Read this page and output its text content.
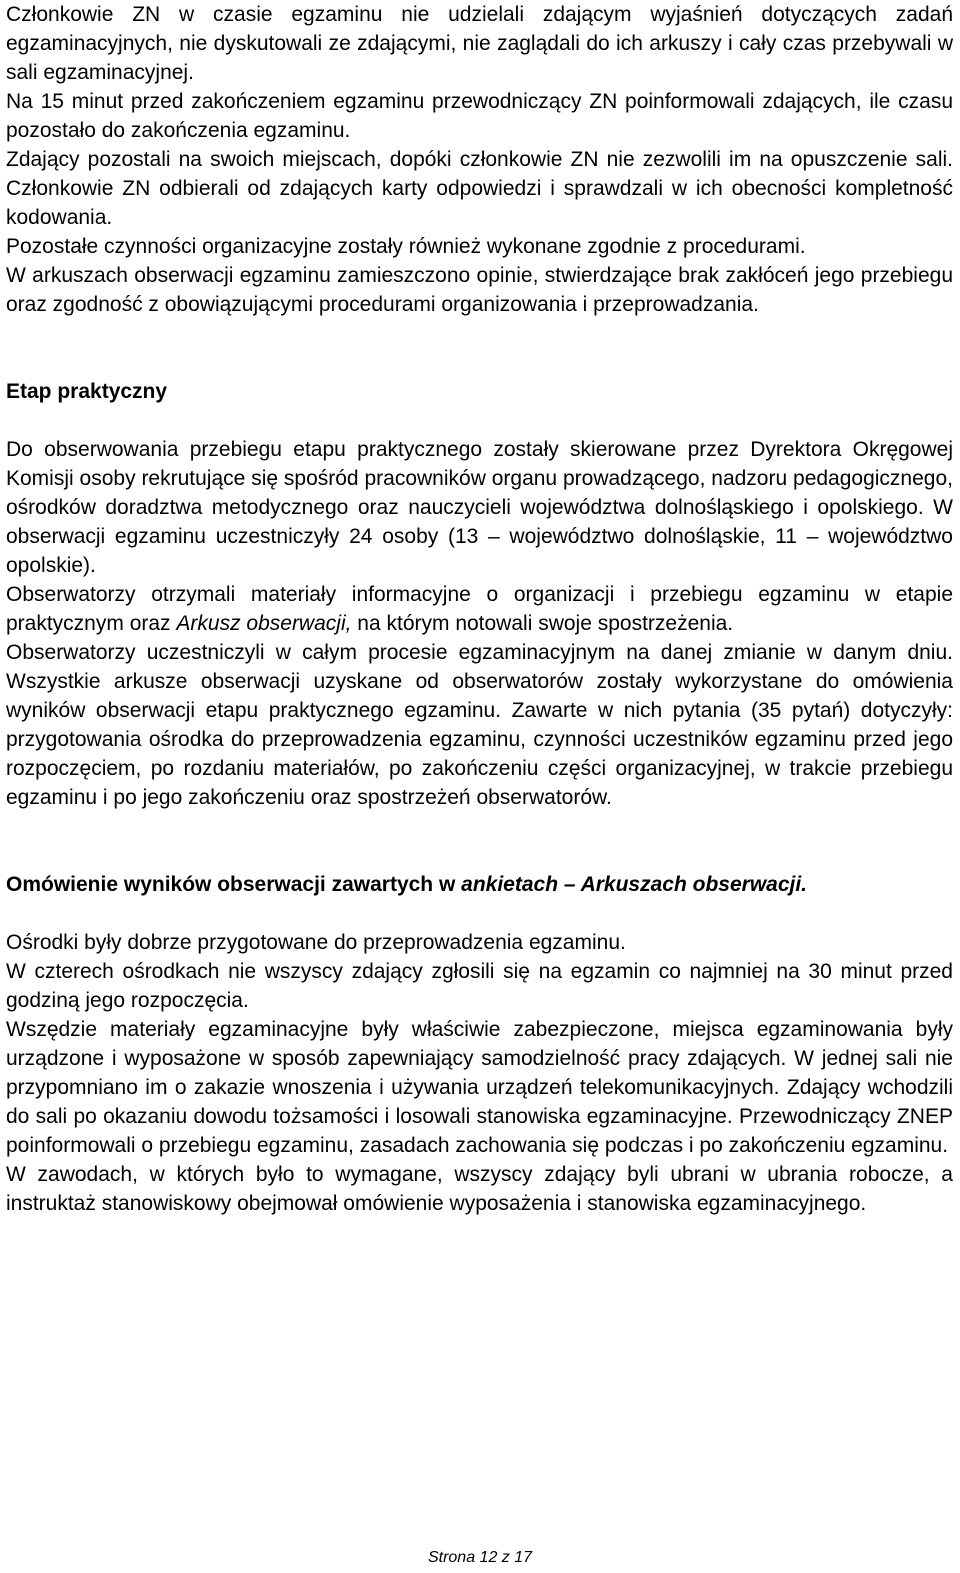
Członkowie ZN w czasie egzaminu nie udzielali zdającym wyjaśnień dotyczących zadań egzaminacyjnych, nie dyskutowali ze zdającymi, nie zaglądali do ich arkuszy i cały czas przebywali w sali egzaminacyjnej.

Na 15 minut przed zakończeniem egzaminu przewodniczący ZN poinformowali zdających, ile czasu pozostało do zakończenia egzaminu.

Zdający pozostali na swoich miejscach, dopóki członkowie ZN nie zezwolili im na opuszczenie sali. Członkowie ZN odbierali od zdających karty odpowiedzi i sprawdzali w ich obecności kompletność kodowania.

Pozostałe czynności organizacyjne zostały również wykonane zgodnie z procedurami.

W arkuszach obserwacji egzaminu zamieszczono opinie, stwierdzające brak zakłóceń jego przebiegu oraz zgodność z obowiązującymi procedurami organizowania i przeprowadzania.

Etap praktyczny

Do obserwowania przebiegu etapu praktycznego zostały skierowane przez Dyrektora Okręgowej Komisji osoby rekrutujące się spośród pracowników organu prowadzącego, nadzoru pedagogicznego, ośrodków doradztwa metodycznego oraz nauczycieli województwa dolnośląskiego i opolskiego. W obserwacji egzaminu uczestniczyły 24 osoby (13 – województwo dolnośląskie, 11 – województwo opolskie).

Obserwatorzy otrzymali materiały informacyjne o organizacji i przebiegu egzaminu w etapie praktycznym oraz Arkusz obserwacji, na którym notowali swoje spostrzeżenia.

Obserwatorzy uczestniczyli w całym procesie egzaminacyjnym na danej zmianie w danym dniu. Wszystkie arkusze obserwacji uzyskane od obserwatorów zostały wykorzystane do omówienia wyników obserwacji etapu praktycznego egzaminu. Zawarte w nich pytania (35 pytań) dotyczyły: przygotowania ośrodka do przeprowadzenia egzaminu, czynności uczestników egzaminu przed jego rozpoczęciem, po rozdaniu materiałów, po zakończeniu części organizacyjnej, w trakcie przebiegu egzaminu i po jego zakończeniu oraz spostrzeżeń obserwatorów.

Omówienie wyników obserwacji zawartych w ankietach – Arkuszach obserwacji.

Ośrodki były dobrze przygotowane do przeprowadzenia egzaminu.

W czterech ośrodkach nie wszyscy zdający zgłosili się na egzamin co najmniej na 30 minut przed godziną jego rozpoczęcia.

Wszędzie materiały egzaminacyjne były właściwie zabezpieczone, miejsca egzaminowania były urządzone i wyposażone w sposób zapewniający samodzielność pracy zdających. W jednej sali nie przypomniano im o zakazie wnoszenia i używania urządzeń telekomunikacyjnych. Zdający wchodzili do sali po okazaniu dowodu tożsamości i losowali stanowiska egzaminacyjne. Przewodniczący ZNEP poinformowali o przebiegu egzaminu, zasadach zachowania się podczas i po zakończeniu egzaminu.

W zawodach, w których było to wymagane, wszyscy zdający byli ubrani w ubrania robocze, a instruktaż stanowiskowy obejmował omówienie wyposażenia i stanowiska egzaminacyjnego.

Strona 12 z 17
